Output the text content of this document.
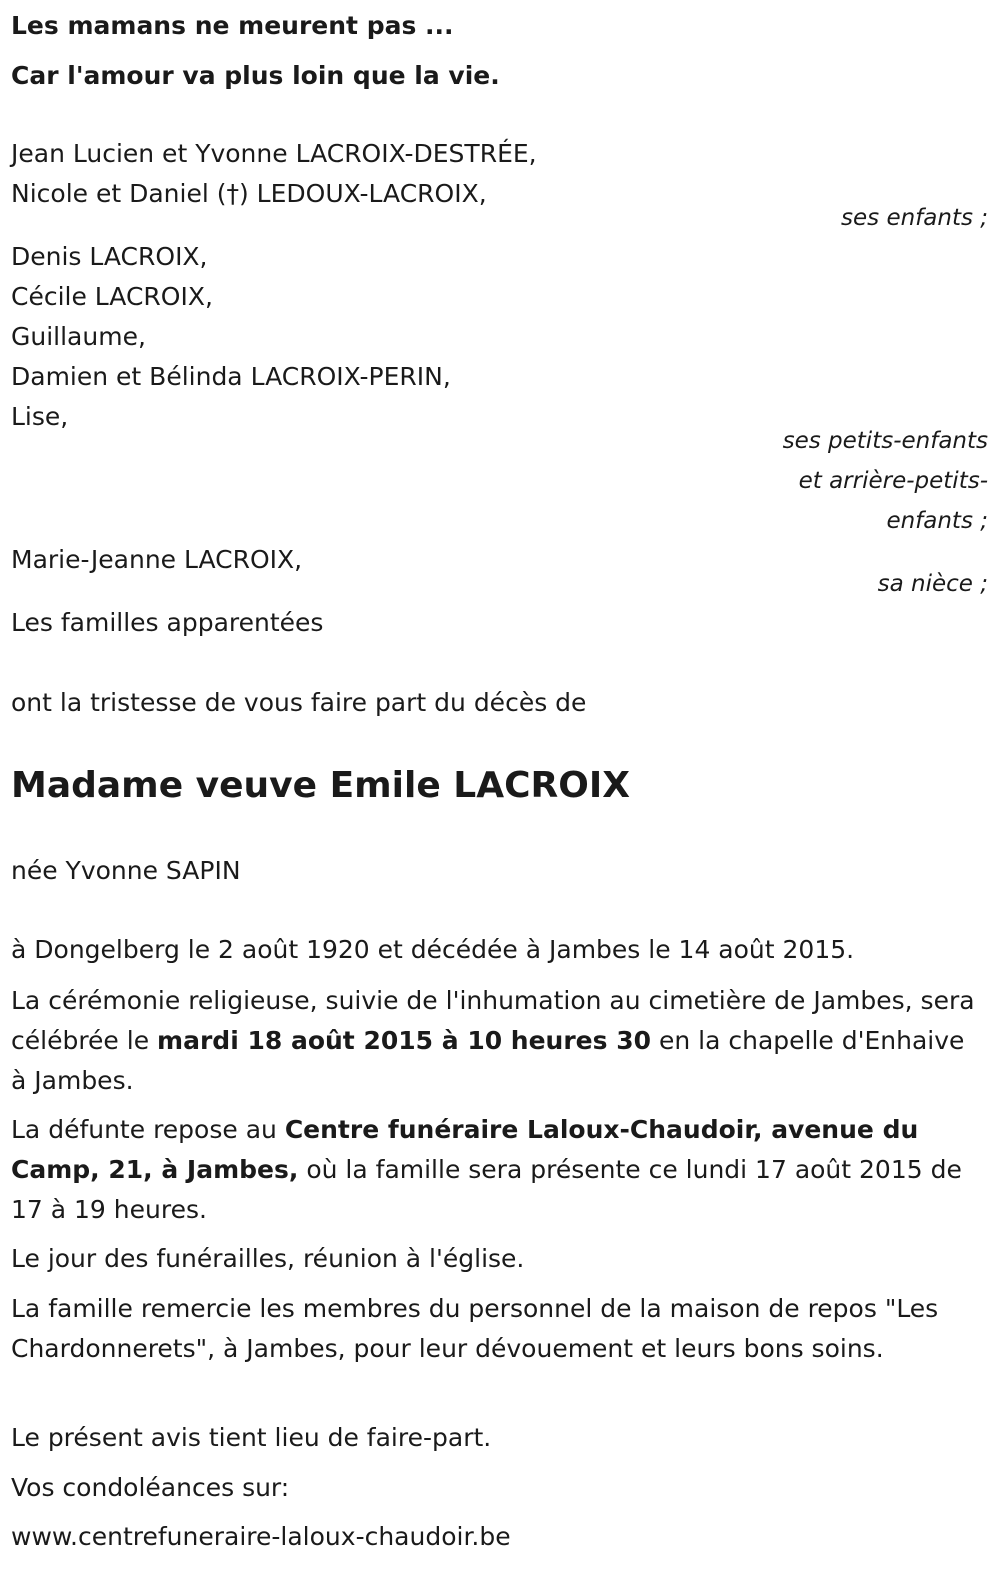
Les mamans ne meurent pas ...

Car l'amour va plus loin que la vie.

Jean Lucien et Yvonne LACROIX-DESTRÉE,

Nicole et Daniel (†) LEDOUX-LACROIX,

ses enfants ;

Denis LACROIX,

Cécile LACROIX,

Guillaume,

Damien et Bélinda LACROIX-PERIN,

Lise,

ses petits-enfants

et arrière-petits-

enfants ;

Marie-Jeanne LACROIX,

sa nièce ;

Les familles apparentées

ont la tristesse de vous faire part du décès de

Madame veuve Emile LACROIX

née Yvonne SAPIN

à Dongelberg le 2 août 1920 et décédée à Jambes le 14 août 2015.

La cérémonie religieuse, suivie de l'inhumation au cimetière de Jambes, sera célébrée le mardi 18 août 2015 à 10 heures 30 en la chapelle d'Enhaive à Jambes.

La défunte repose au Centre funéraire Laloux-Chaudoir, avenue du Camp, 21, à Jambes, où la famille sera présente ce lundi 17 août 2015 de 17 à 19 heures.

Le jour des funérailles, réunion à l'église.

La famille remercie les membres du personnel de la maison de repos "Les Chardonnerets", à Jambes, pour leur dévouement et leurs bons soins.

Le présent avis tient lieu de faire-part.

Vos condoléances sur:

www.centrefuneraire-laloux-chaudoir.be
